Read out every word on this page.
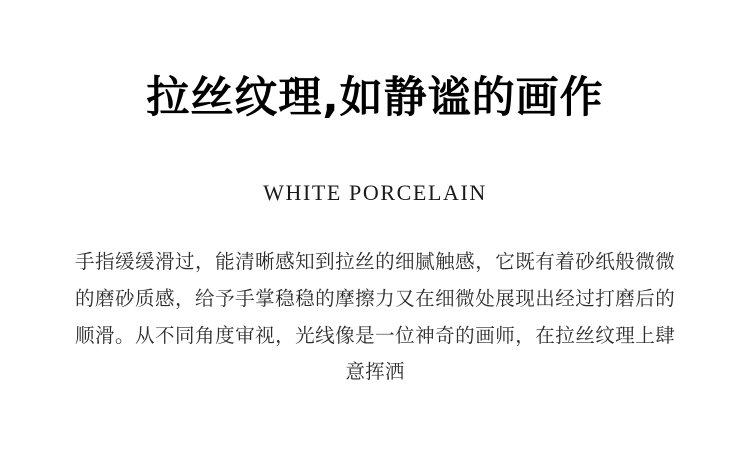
拉丝纹理,如静谧的画作
WHITE PORCELAIN

手指缓缓滑过，能清晰感知到拉丝的细腻触感，它既有着砂纸般微微的磨砂质感，给予手掌稳稳的摩擦力又在细微处展现出经过打磨后的顺滑。从不同角度审视，光线像是一位神奇的画师，在拉丝纹理上肆意挥洒
